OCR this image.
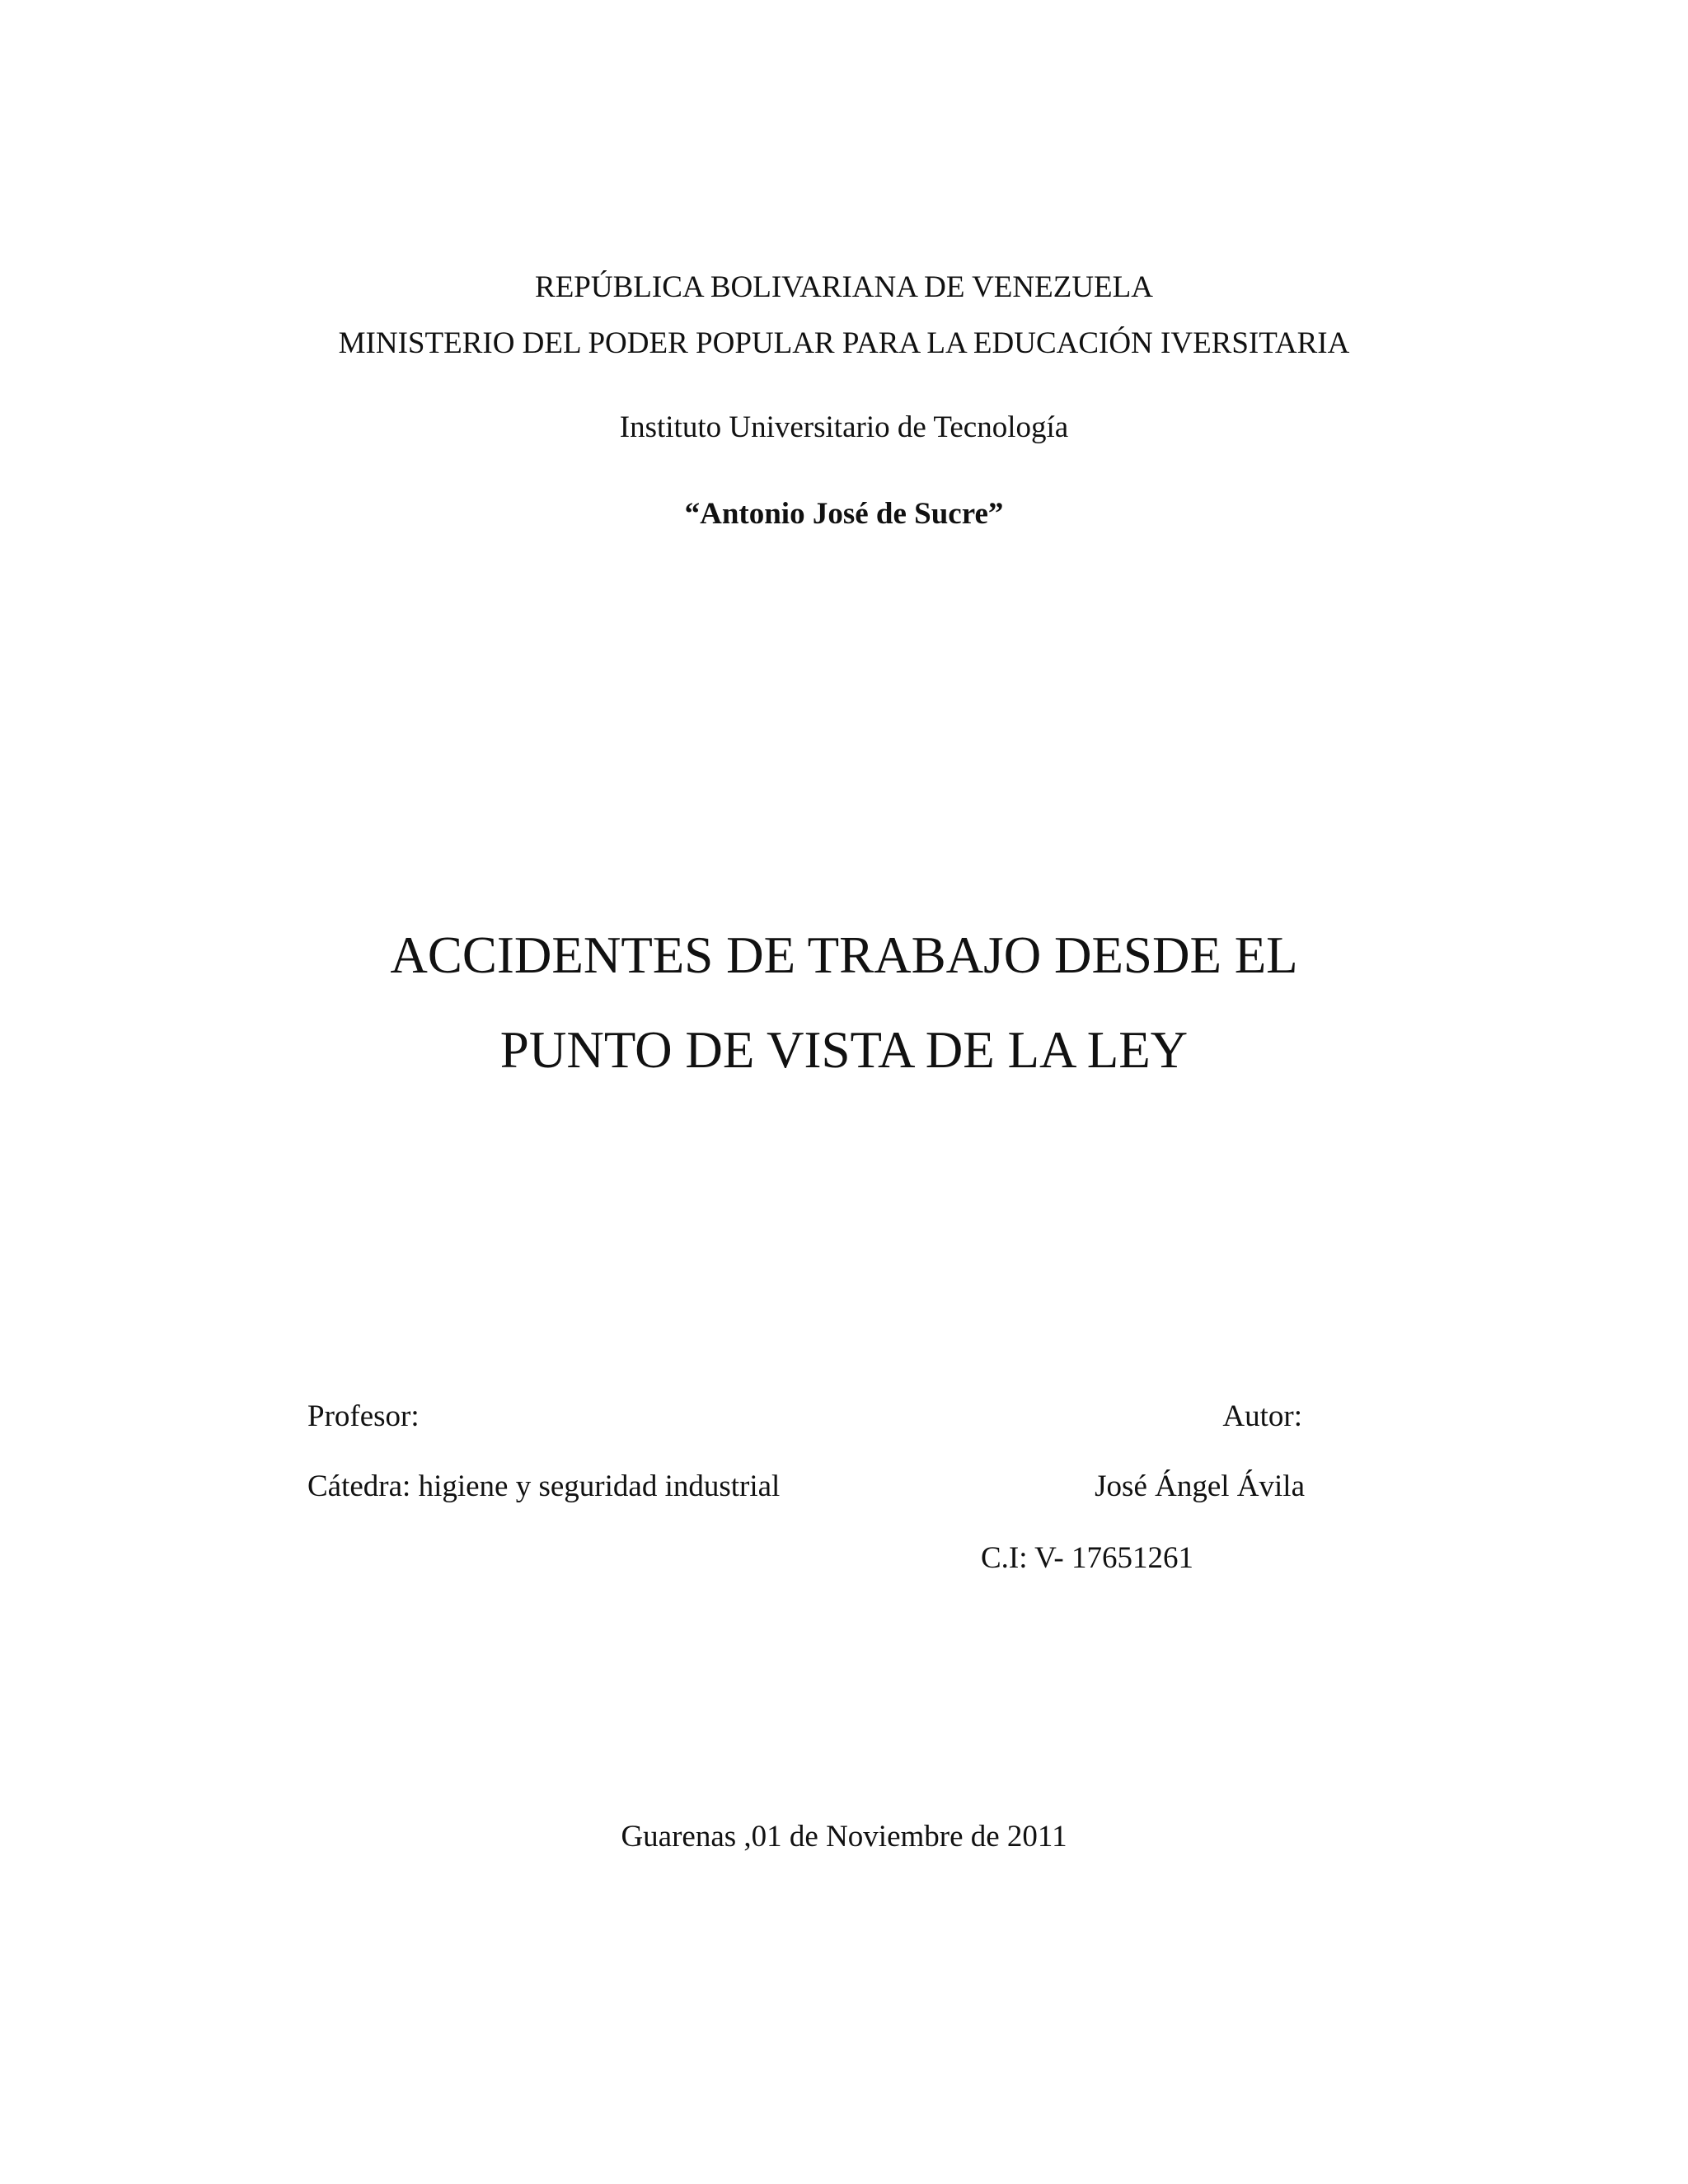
REPÚBLICA BOLIVARIANA DE VENEZUELA
MINISTERIO DEL PODER POPULAR PARA LA EDUCACIÓN IVERSITARIA
Instituto Universitario de Tecnología
“Antonio José de Sucre”
ACCIDENTES DE TRABAJO DESDE EL
PUNTO DE VISTA DE LA LEY
Profesor:
Cátedra: higiene y seguridad industrial
Autor:
José Ángel Ávila
C.I: V- 17651261
Guarenas ,01 de Noviembre de 2011
